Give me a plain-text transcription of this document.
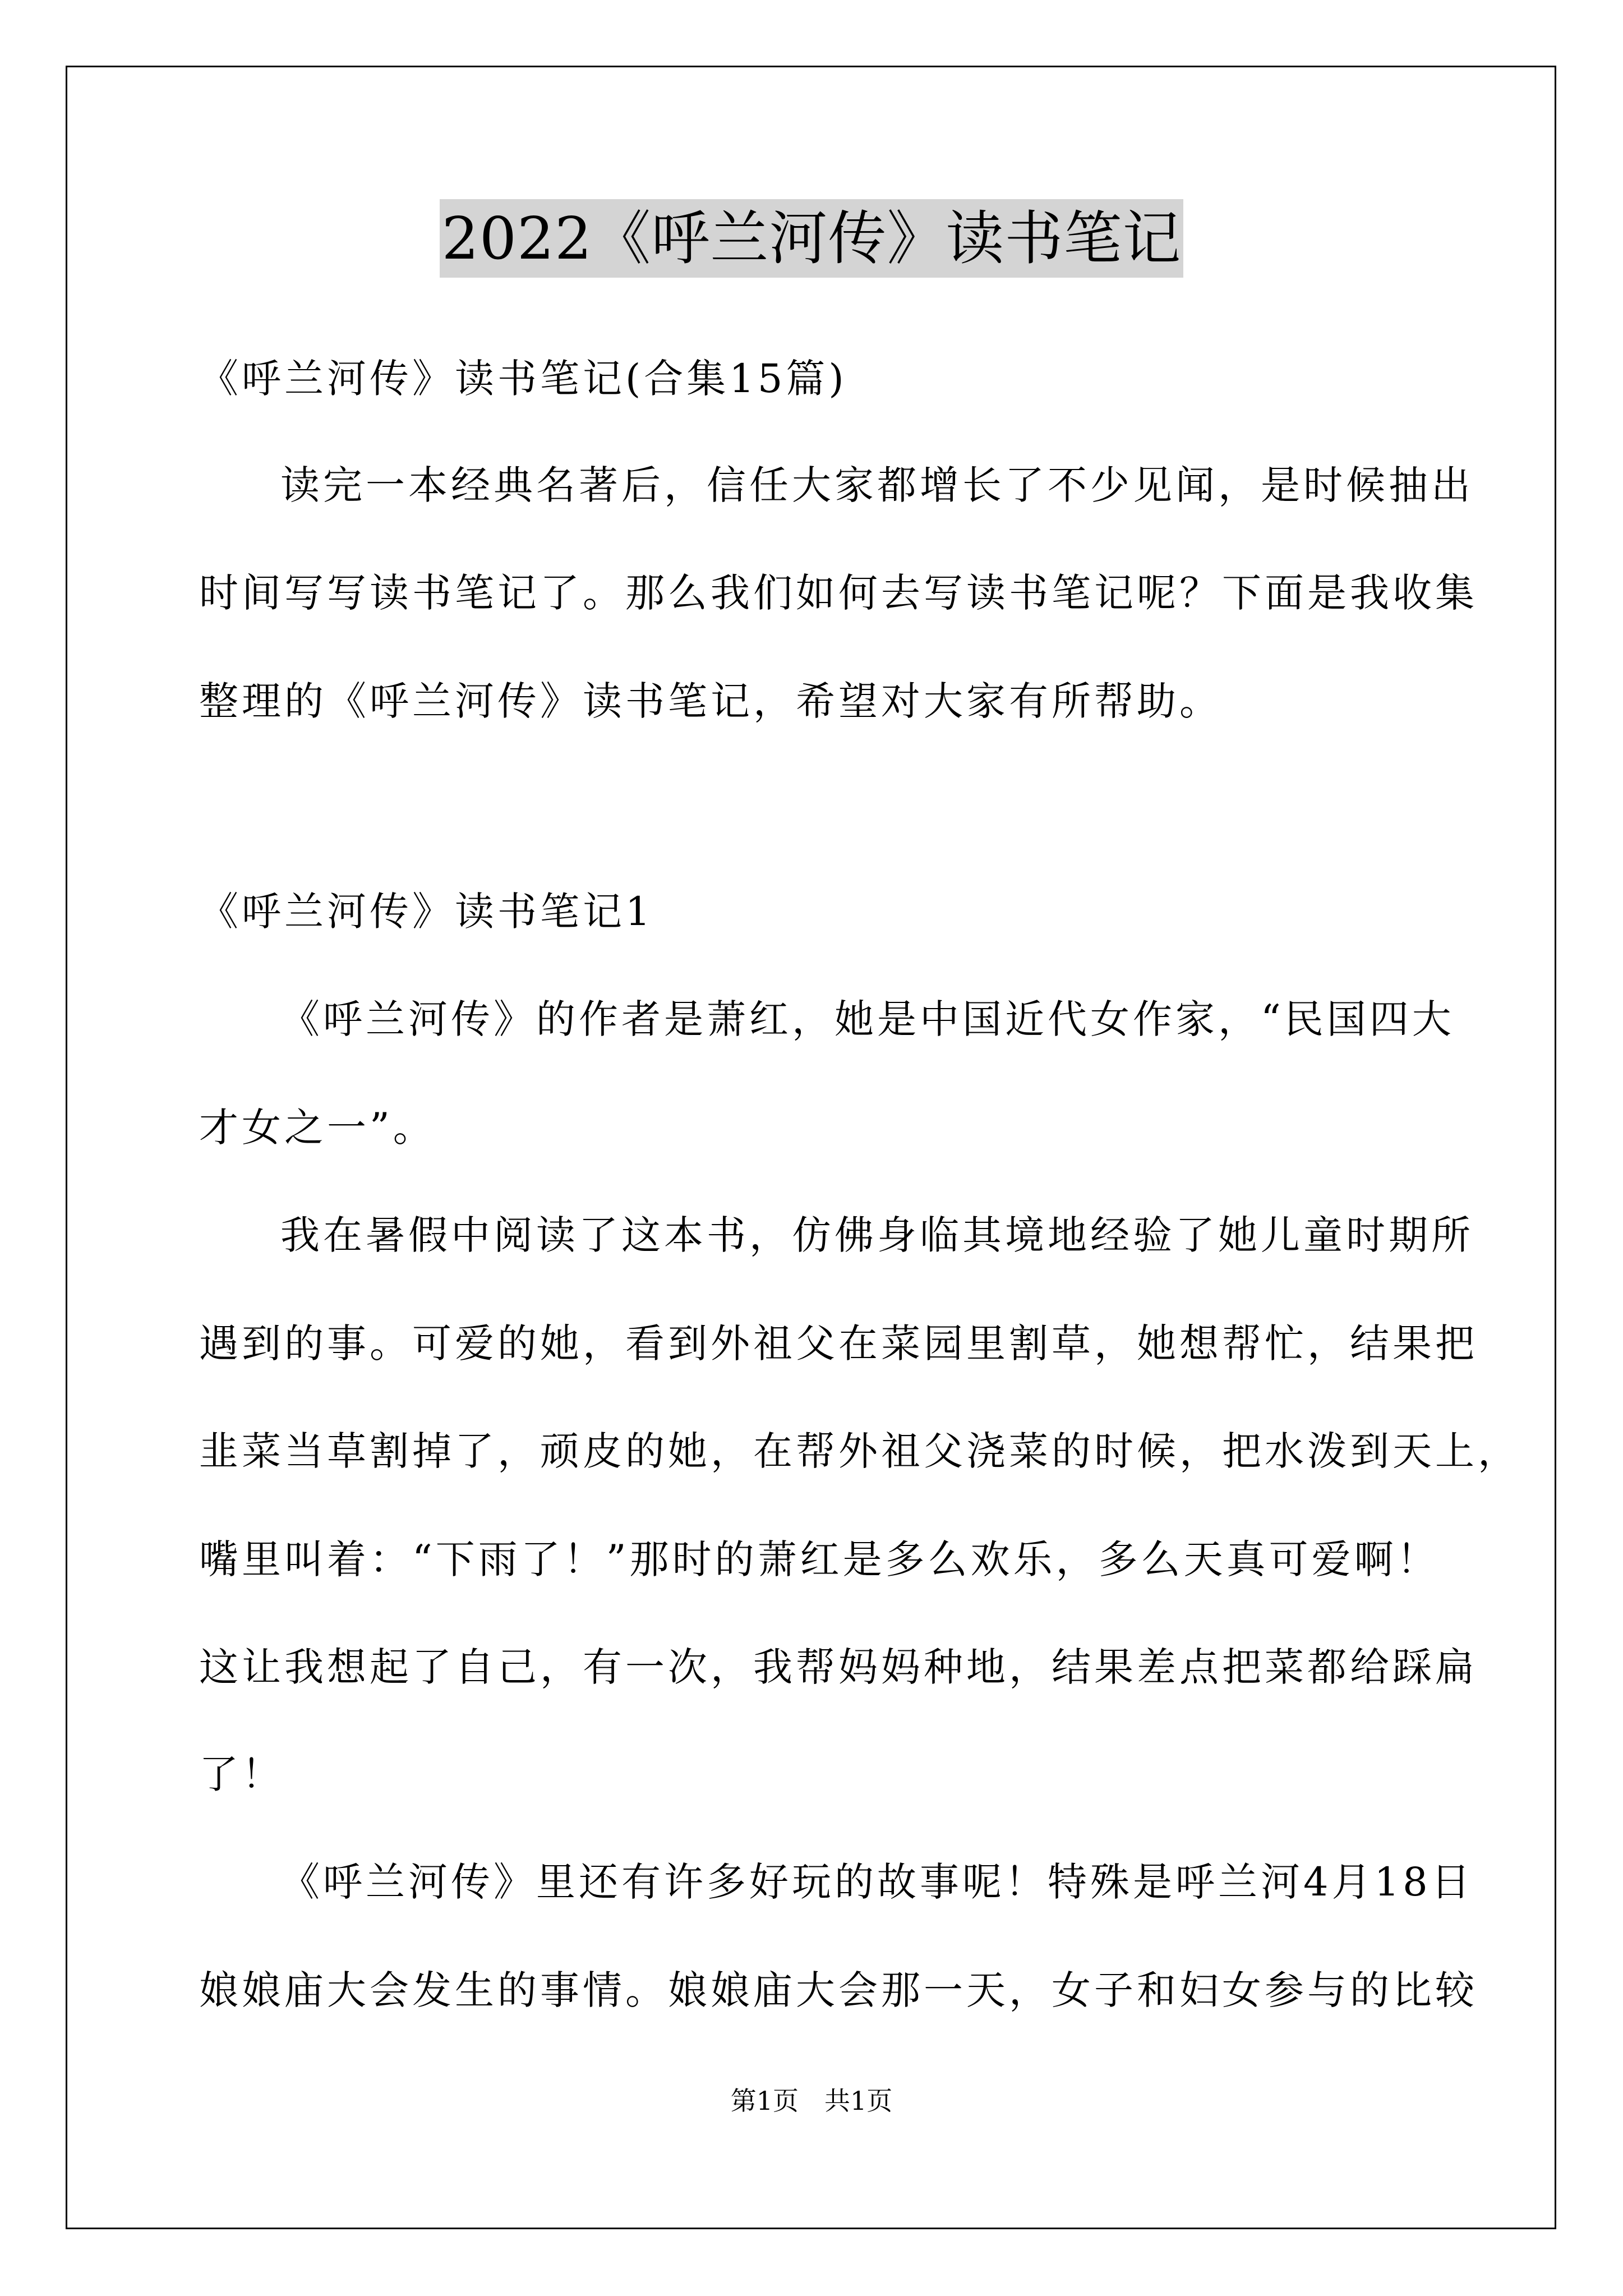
2022《呼兰河传》读书笔记
《呼兰河传》读书笔记(合集15篇)
读完一本经典名著后，信任大家都增长了不少见闻，是时候抽出
时间写写读书笔记了。那么我们如何去写读书笔记呢？下面是我收集
整理的《呼兰河传》读书笔记，希望对大家有所帮助。
《呼兰河传》读书笔记1
《呼兰河传》的作者是萧红，她是中国近代女作家，“民国四大
才女之一”。
我在暑假中阅读了这本书，仿佛身临其境地经验了她儿童时期所
遇到的事。可爱的她，看到外祖父在菜园里割草，她想帮忙，结果把
韭菜当草割掉了，顽皮的她，在帮外祖父浇菜的时候，把水泼到天上，
嘴里叫着：“下雨了！”那时的萧红是多么欢乐，多么天真可爱啊！
这让我想起了自己，有一次，我帮妈妈种地，结果差点把菜都给踩扁
了！
《呼兰河传》里还有许多好玩的故事呢！特殊是呼兰河4月18日
娘娘庙大会发生的事情。娘娘庙大会那一天，女子和妇女参与的比较
第1页　共1页
